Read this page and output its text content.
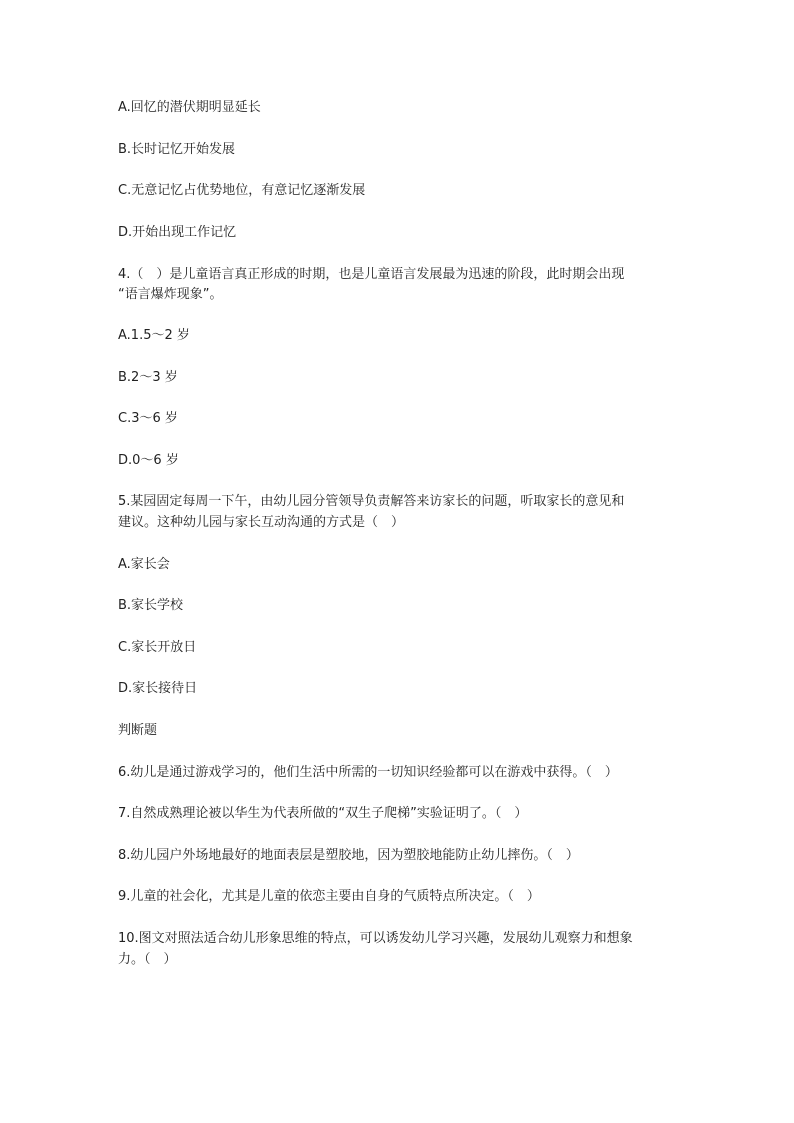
A.回忆的潜伏期明显延长
B.长时记忆开始发展
C.无意记忆占优势地位，有意记忆逐渐发展
D.开始出现工作记忆
4.（　）是儿童语言真正形成的时期，也是儿童语言发展最为迅速的阶段，此时期会出现
“语言爆炸现象”。
A.1.5～2 岁
B.2～3 岁
C.3～6 岁
D.0～6 岁
5.某园固定每周一下午，由幼儿园分管领导负责解答来访家长的问题，听取家长的意见和
建议。这种幼儿园与家长互动沟通的方式是（　）
A.家长会
B.家长学校
C.家长开放日
D.家长接待日
判断题
6.幼儿是通过游戏学习的，他们生活中所需的一切知识经验都可以在游戏中获得。（　）
7.自然成熟理论被以华生为代表所做的“双生子爬梯”实验证明了。（　）
8.幼儿园户外场地最好的地面表层是塑胶地，因为塑胶地能防止幼儿摔伤。（　）
9.儿童的社会化，尤其是儿童的依恋主要由自身的气质特点所决定。（　）
10.图文对照法适合幼儿形象思维的特点，可以诱发幼儿学习兴趣，发展幼儿观察力和想象
力。（　）
